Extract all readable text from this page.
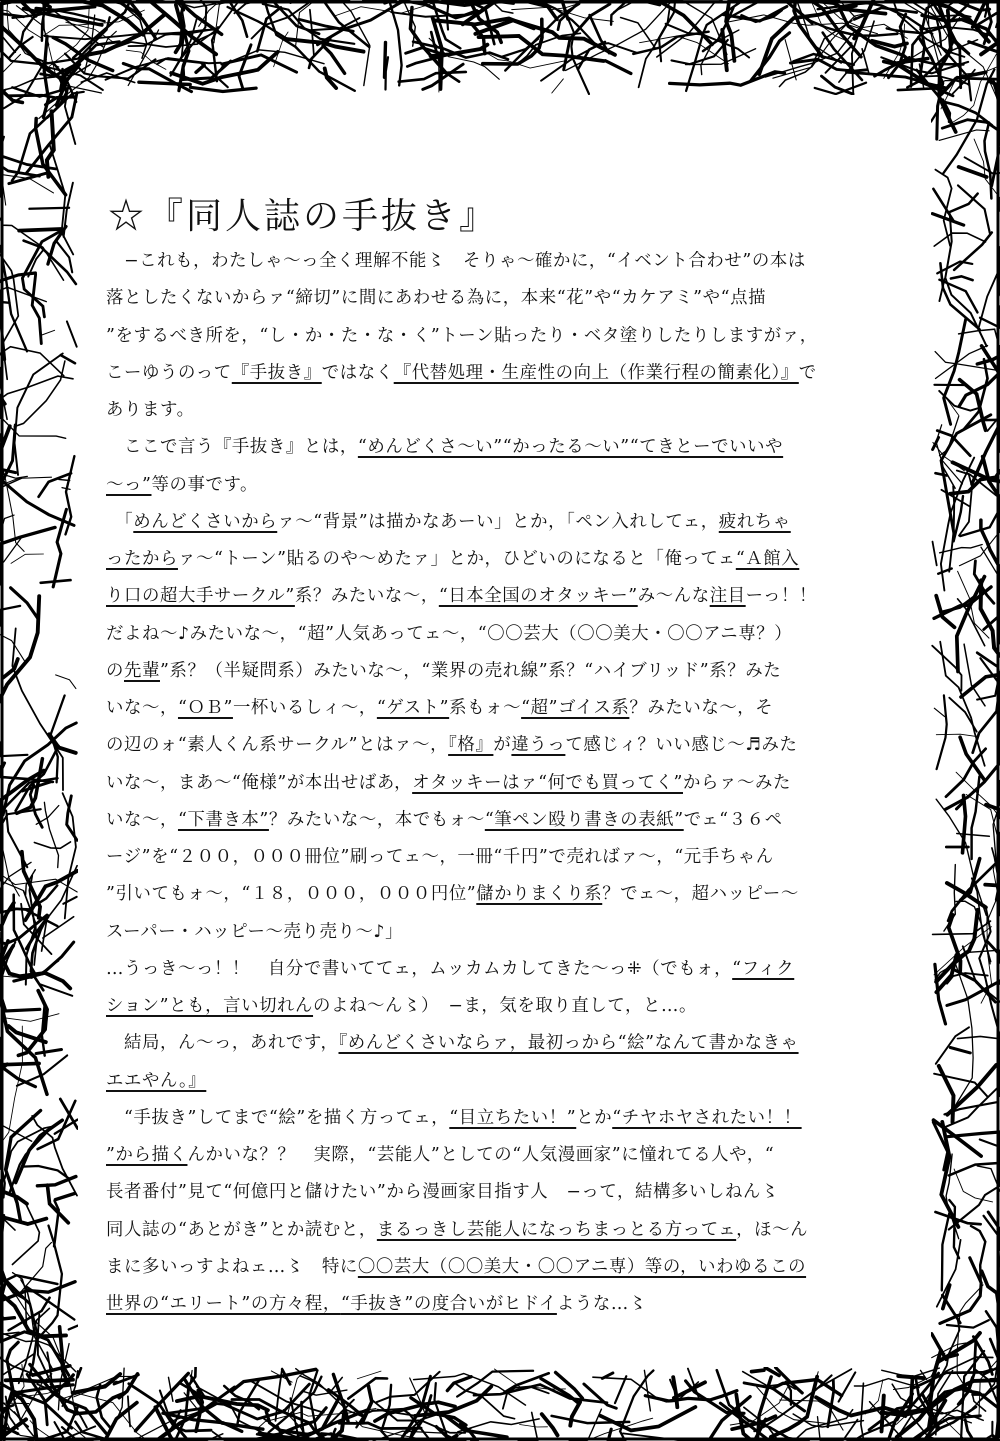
☆『同人誌の手抜き』
　−これも，わたしゃ〜っ全く理解不能〻　そりゃ〜確かに，“イベント合わせ”の本は
落としたくないからァ“締切”に間にあわせる為に，本来“花”や“カケアミ”や“点描
”をするべき所を，“し・か・た・な・く”トーン貼ったり・ベタ塗りしたりしますがァ，
こーゆうのって『手抜き』ではなく『代替処理・生産性の向上（作業行程の簡素化）』で
あります。
　ここで言う『手抜き』とは，“めんどくさ〜い”“かったる〜い”“てきとーでいいや
〜っ”等の事です。
　「めんどくさいからァ〜“背景”は描かなあーい」とか，「ペン入れしてェ，疲れちゃ
ったからァ〜“トーン”貼るのや〜めたァ」とか，ひどいのになると「俺ってェ“Ａ館入
り口の超大手サークル”系？みたいな〜，“日本全国のオタッキー”み〜んな注目ーっ！！
だよね〜♪みたいな〜，“超”人気あってェ〜，“〇〇芸大（〇〇美大・〇〇アニ専？）
の先輩”系？（半疑問系）みたいな〜，“業界の売れ線”系？“ハイブリッド”系？みた
いな〜，“ＯＢ”一杯いるしィ〜，“ゲスト”系もォ〜“超”ゴイス系？みたいな〜，そ
の辺のォ“素人くん系サークル”とはァ〜，『格』が違うって感じィ？いい感じ〜♬みた
いな〜，まあ〜“俺様”が本出せばあ，オタッキーはァ“何でも買ってく”からァ〜みた
いな〜，“下書き本”？みたいな〜，本でもォ〜“筆ペン殴り書きの表紙”でェ“３６ペ
ージ”を“２００，０００冊位”刷ってェ〜，一冊“千円”で売ればァ〜，“元手ちゃん
”引いてもォ〜，“１８，０００，０００円位”儲かりまくり系？でェ〜，超ハッピー〜
スーパー・ハッピー〜売り売り〜♪」
…うっき〜っ！！　自分で書いててェ，ムッカムカしてきた〜っ⁜（でもォ，“フィク
ション”とも，言い切れんのよね〜ん〻）　−ま，気を取り直して，と…。
　結局，ん〜っ，あれです，『めんどくさいならァ，最初っから“絵”なんて書かなきゃ
エエやん。』
　“手抜き”してまで“絵”を描く方ってェ，“目立ちたい！”とか“チヤホヤされたい！！
”から描くんかいな？？　実際，“芸能人”としての“人気漫画家”に憧れてる人や，“
長者番付”見て“何億円と儲けたい”から漫画家目指す人　−って，結構多いしねん〻
同人誌の“あとがき”とか読むと，まるっきし芸能人になっちまっとる方ってェ，ほ〜ん
まに多いっすよねェ…〻　特に〇〇芸大（〇〇美大・〇〇アニ専）等の，いわゆるこの
世界の“エリート”の方々程，“手抜き”の度合いがヒドイような…〻
